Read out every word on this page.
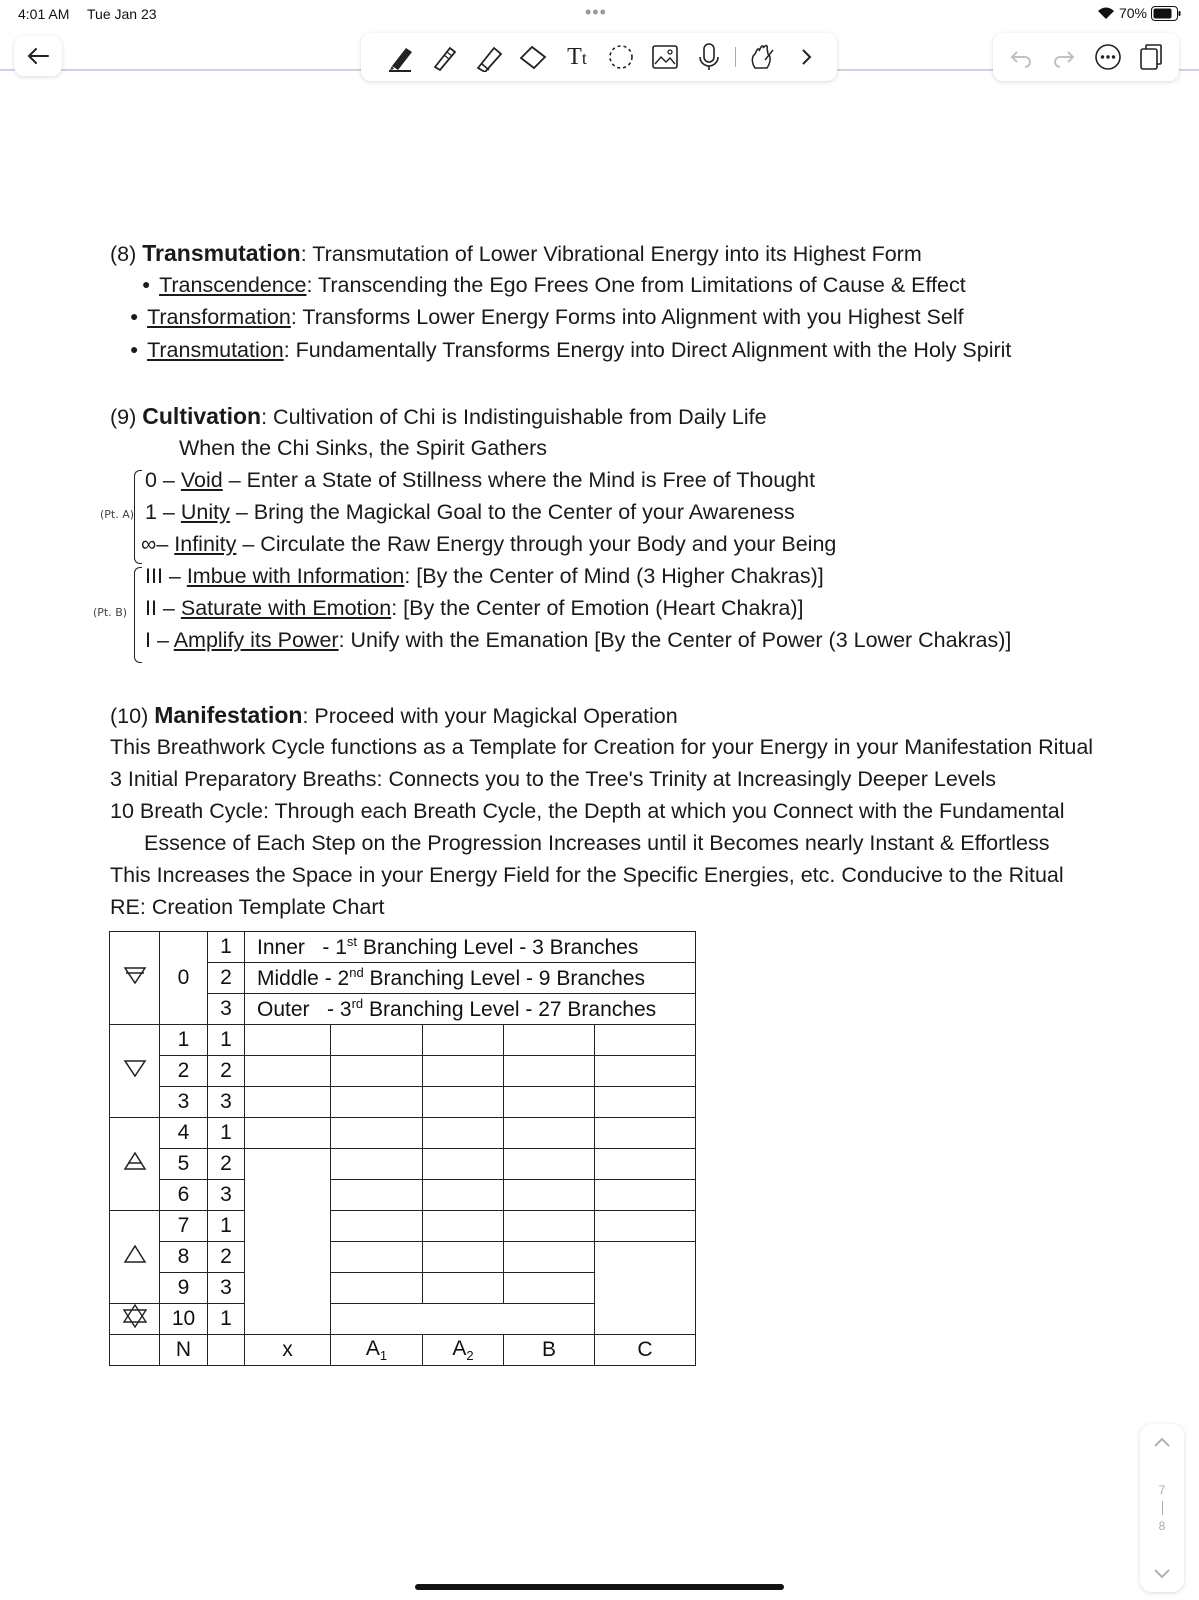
4:01 AM Tue Jan 23	•••	70%
Tt
(8) Transmutation: Transmutation of Lower Vibrational Energy into its Highest Form
● Transcendence: Transcending the Ego Frees One from Limitations of Cause & Effect
● Transformation: Transforms Lower Energy Forms into Alignment with you Highest Self
● Transmutation: Fundamentally Transforms Energy into Direct Alignment with the Holy Spirit
(9) Cultivation: Cultivation of Chi is Indistinguishable from Daily Life
When the Chi Sinks, the Spirit Gathers
(Pt. A)
(Pt. B)
0 – Void – Enter a State of Stillness where the Mind is Free of Thought
1 – Unity – Bring the Magickal Goal to the Center of your Awareness
∞– Infinity – Circulate the Raw Energy through your Body and your Being
III – Imbue with Information: [By the Center of Mind (3 Higher Chakras)]
II – Saturate with Emotion: [By the Center of Emotion (Heart Chakra)]
I – Amplify its Power: Unify with the Emanation [By the Center of Power (3 Lower Chakras)]
(10) Manifestation: Proceed with your Magickal Operation
This Breathwork Cycle functions as a Template for Creation for your Energy in your Manifestation Ritual
3 Initial Preparatory Breaths: Connects you to the Tree's Trinity at Increasingly Deeper Levels
10 Breath Cycle: Through each Breath Cycle, the Depth at which you Connect with the Fundamental
Essence of Each Step on the Progression Increases until it Becomes nearly Instant & Effortless
This Increases the Space in your Energy Field for the Specific Energies, etc. Conducive to the Ritual
RE: Creation Template Chart
	0	1	Inner   - 1st Branching Level - 3 Branches				
		2	Middle - 2nd Branching Level - 9 Branches				
		3	Outer   - 3rd Branching Level - 27 Branches				
	1	1					
	2	2					
	3	3					
	4	1					
	5	2					
	6	3					
	7	1					
	8	2					
	9	3					
	10	1					
	N		x	$A_1$	$A_2$	B	C
7
8
